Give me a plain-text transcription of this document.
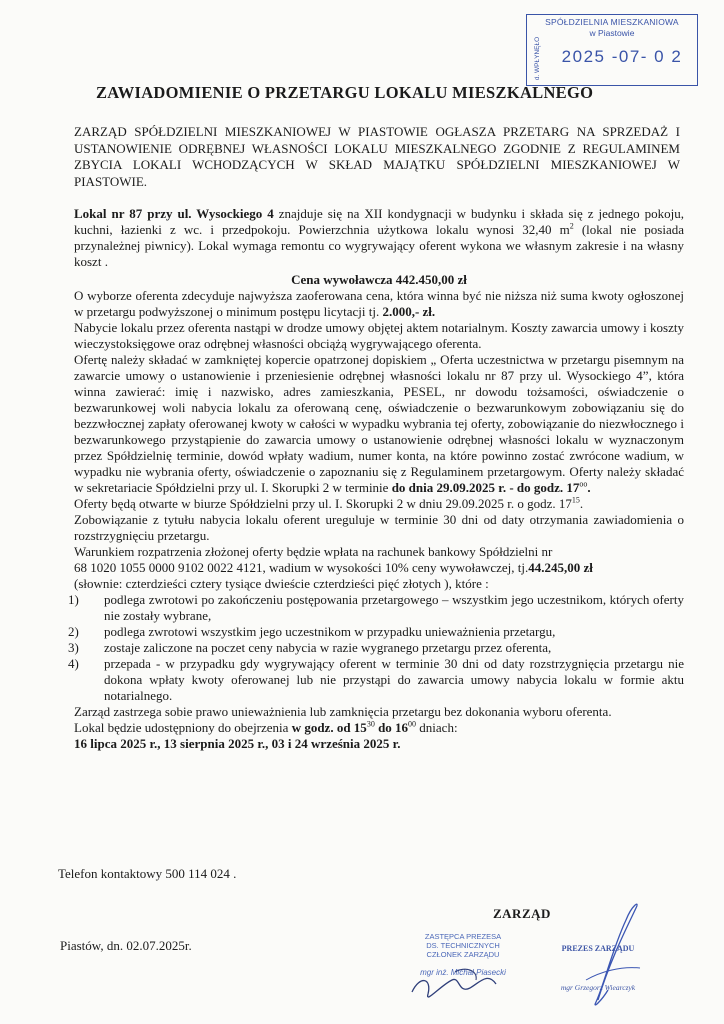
SPÓŁDZIELNIA MIESZKANIOWA
w Piastowie
d. WPŁYNĘŁO 2025 -07- 0 2
ZAWIADOMIENIE O PRZETARGU LOKALU MIESZKALNEGO
ZARZĄD SPÓŁDZIELNI MIESZKANIOWEJ W PIASTOWIE OGŁASZA PRZETARG NA SPRZEDAŻ I USTANOWIENIE ODRĘBNEJ WŁASNOŚCI LOKALU MIESZKALNEGO ZGODNIE Z REGULAMINEM ZBYCIA LOKALI WCHODZĄCYCH W SKŁAD MAJĄTKU SPÓŁDZIELNI MIESZKANIOWEJ W PIASTOWIE.

Lokal nr 87 przy ul. Wysockiego 4 znajduje się na XII kondygnacji w budynku i składa się z jednego pokoju, kuchni, łazienki z wc. i przedpokoju. Powierzchnia użytkowa lokalu wynosi 32,40 $m^2$ (lokal nie posiada przynależnej piwnicy). Lokal wymaga remontu co wygrywający oferent wykona we własnym zakresie i na własny koszt .

Cena wywoławcza 442.450,00 zł

O wyborze oferenta zdecyduje najwyższa zaoferowana cena, która winna być nie niższa niż suma kwoty ogłoszonej w przetargu podwyższonej o minimum postępu licytacji tj. 2.000,- zł.

Nabycie lokalu przez oferenta nastąpi w drodze umowy objętej aktem notarialnym. Koszty zawarcia umowy i koszty wieczystoksięgowe oraz odrębnej własności obciążą wygrywającego oferenta.

Ofertę należy składać w zamkniętej kopercie opatrzonej dopiskiem „ Oferta uczestnictwa w przetargu pisemnym na zawarcie umowy o ustanowienie i przeniesienie odrębnej własności lokalu nr 87 przy ul. Wysockiego 4”, która winna zawierać: imię i nazwisko, adres zamieszkania, PESEL, nr dowodu tożsamości, oświadczenie o bezwarunkowej woli nabycia lokalu za oferowaną cenę, oświadczenie o bezwarunkowym zobowiązaniu się do bezzwłocznej zapłaty oferowanej kwoty w całości w wypadku wybrania tej oferty, zobowiązanie do niezwłocznego i bezwarunkowego przystąpienie do zawarcia umowy o ustanowienie odrębnej własności lokalu w wyznaczonym przez Spółdzielnię terminie, dowód wpłaty wadium, numer konta, na które powinno zostać zwrócone wadium, w wypadku nie wybrania oferty, oświadczenie o zapoznaniu się z Regulaminem przetargowym. Oferty należy składać w sekretariacie Spółdzielni przy ul. I. Skorupki 2 w terminie do dnia 29.09.2025 r. - do godz. $17^{oo}$.

Oferty będą otwarte w biurze Spółdzielni przy ul. I. Skorupki 2 w dniu 29.09.2025 r. o godz. $17^{15}$.

Zobowiązanie z tytułu nabycia lokalu oferent ureguluje w terminie 30 dni od daty otrzymania zawiadomienia o rozstrzygnięciu przetargu.

Warunkiem rozpatrzenia złożonej oferty będzie wpłata na rachunek bankowy Spółdzielni nr

68 1020 1055 0000 9102 0022 4121, wadium w wysokości 10% ceny wywoławczej, tj.44.245,00 zł

(słownie: czterdzieści cztery tysiące dwieście czterdzieści pięć złotych ), które :

1) podlega zwrotowi po zakończeniu postępowania przetargowego – wszystkim jego uczestnikom, których oferty nie zostały wybrane,
2) podlega zwrotowi wszystkim jego uczestnikom w przypadku unieważnienia przetargu,
3) zostaje zaliczone na poczet ceny nabycia w razie wygranego przetargu przez oferenta,
4) przepada - w przypadku gdy wygrywający oferent w terminie 30 dni od daty rozstrzygnięcia przetargu nie dokona wpłaty kwoty oferowanej lub nie przystąpi do zawarcia umowy nabycia lokalu w formie aktu notarialnego.

Zarząd zastrzega sobie prawo unieważnienia lub zamknięcia przetargu bez dokonania wyboru oferenta.

Lokal będzie udostępniony do obejrzenia w godz. od $15^{30}$ do $16^{00}$ dniach:

16 lipca 2025 r., 13 sierpnia 2025 r., 03 i 24 września 2025 r.

Telefon kontaktowy 500 114 024 .
Piastów, dn. 02.07.2025r.
ZARZĄD
ZASTĘPCA PREZESA
DS. TECHNICZNYCH
CZŁONEK ZARZĄDU
mgr inż. Michał Piasecki
PREZES ZARZĄDU
mgr Grzegorz Wiearczyk
